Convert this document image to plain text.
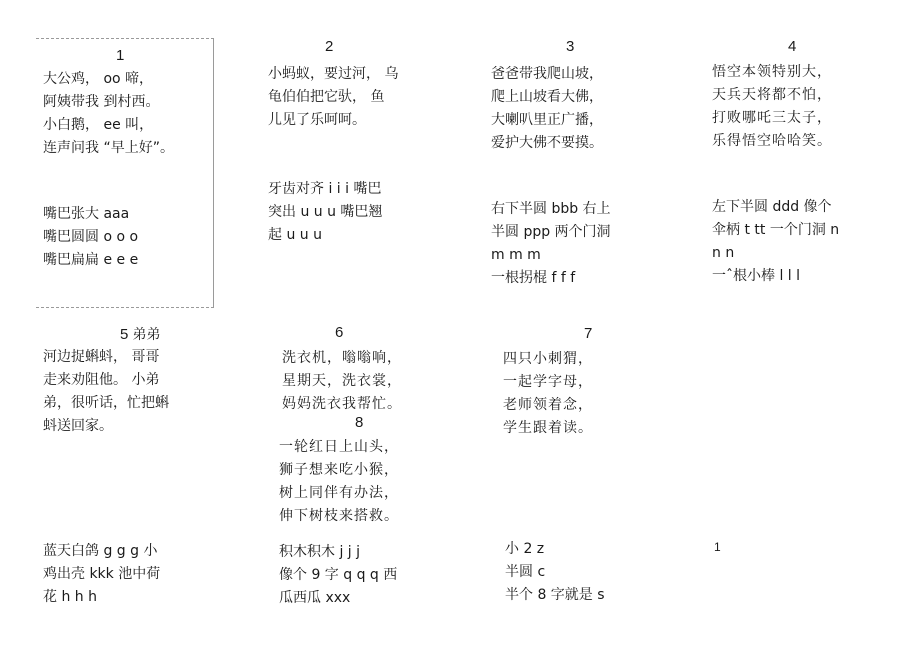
1
大公鸡， oo 啼，
阿姨带我 到村西。
小白鹅， ee 叫，
连声问我 “早上好”。
嘴巴张大 aaa
嘴巴圆圆 o o o
嘴巴扁扁 e e e
2
小蚂蚁，要过河， 乌
龟伯伯把它驮， 鱼
儿见了乐呵呵。
牙齿对齐 i i i 嘴巴
突出 u u u 嘴巴翘
起 u u u
3
爸爸带我爬山坡，
爬上山坡看大佛，
大喇叭里正广播，
爱护大佛不要摸。
右下半圆 bbb 右上
半圆 ppp 两个门洞
m m m
一根拐棍 f f f
4
悟空本领特别大，
天兵天将都不怕，
打败哪吒三太子，
乐得悟空哈哈笑。
左下半圆 ddd 像个
伞柄 t tt 一个门洞 n
n n
一ˆ根小棒 l l l
5 弟弟
河边捉蝌蚪， 哥哥
走来劝阻他。 小弟
弟，很听话，忙把蝌
蚪送回家。
蓝天白鸽 g g g 小
鸡出壳 kkk 池中荷
花 h h h
6
洗衣机，嗡嗡响，
星期天，洗衣裳，
妈妈洗衣我帮忙。
积木积木 j j j
像个 9 字 q q q 西
瓜西瓜 xxx
8
一轮红日上山头，
狮子想来吃小猴，
树上同伴有办法，
伸下树枝来搭救。
7
四只小刺猬，
一起学字母，
老师领着念，
学生跟着读。
小 2 z
半圆 c
半个 8 字就是 s
1
